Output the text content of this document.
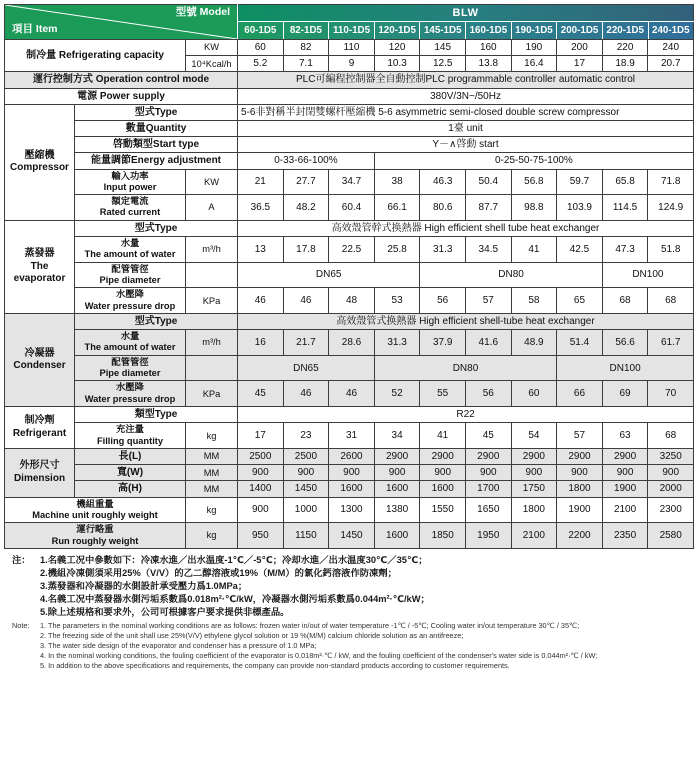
型號 Model
項目 Item			BLW									

60-1D5	82-1D5	110-1D5 120-1D5 145-1D5 160-1D5 190-1D5 200-1D5 220-1D5 240-1D5

制冷量 Refrigerating capacity		KW	60	82	110	120	145	160	190	200	220	240
		10⁴Kcal/h	5.2	7.1	9	10.3	12.5	13.8	16.4	17	18.9	20.7
運行控制方式 Operation control mode			PLC可編程控制器全自動控制PLC programmable controller automatic control									
電源 Power supply			380V/3N~/50Hz									
壓縮機
Compressor	型式Type		5-6非對稱半封閉雙螺杆壓縮機 5-6 asymmetric semi-closed double screw compressor									
	數量Quantity		1臺 unit									
	啓動類型Start type		Y－∧啓動 start									
	能量調節Energy adjustment		0-33-66-100%			0-25-50-75-100%						
	輸入功率
Input power	KW	21	27.7	34.7	38	46.3	50.4	56.8	59.7	65.8	71.8
	額定電流
Rated current	A	36.5	48.2	60.4	66.1	80.6	87.7	98.8	103.9	114.5	124.9
蒸發器
The
evaporator	型式Type		高效殼管幹式换熱器 High efficient shell tube heat exchanger									
	水量
The amount of water	m³/h	13	17.8	22.5	25.8	31.3	34.5	41	42.5	47.3	51.8
	配管管徑
Pipe diameter		DN65				DN80				DN100	
	水壓降
Water pressure drop	KPa	46	46	48	53	56	57	58	65	68	68
冷凝器
Condenser	型式Type		高效殼管式换熱器 High efficient shell-tube heat exchanger									
	水量
The amount of water	m³/h	16	21.7	28.6	31.3	37.9	41.6	48.9	51.4	56.6	61.7
	配管管徑
Pipe diameter		DN65			DN80				DN100		
	水壓降
Water pressure drop	KPa	45	46	46	52	55	56	60	66	69	70
制冷劑
Refrigerant	類型Type		R22									
	充注量
Filling quantity	kg	17	23	31	34	41	45	54	57	63	68
外形尺寸
Dimension	長(L)	MM	2500	2500	2600	2900	2900	2900	2900	2900	2900	3250
	寬(W)	MM	900	900	900	900	900	900	900	900	900	900
	高(H)	MM	1400	1450	1600	1600	1600	1700	1750	1800	1900	2000
機組重量
Machine unit roughly weight		kg	900	1000	1300	1380	1550	1650	1800	1900	2100	2300
運行略重
Run roughly weight		kg	950	1150	1450	1600	1850	1950	2100	2200	2350	2580
注： 1.名義工况中參數如下：冷凍水進／出水温度-1℃／-5℃；冷却水進／出水温度30℃／35℃；
2.機組冷凍側須采用25%（V/V）的乙二醇溶液或19%（M/M）的氯化鈣溶液作防凍劑；
3.蒸發器和冷凝器的水側設計承受壓力爲1.0MPa；
4.名義工况中蒸發器水側污垢系數爲0.018m²·℃/kW，冷凝器水側污垢系數爲0.044m²·℃/kW；
5.除上述規格和要求外，公司可根據客户要求提供非標產品。
Note: 1. The parameters in the nominal working conditions are as follows: frozen water in/out of water temperature -1℃ / -5℃; Cooling water in/out temperature 30℃ / 35℃;
2. The freezing side of the unit shall use 25%(V/V) ethylene glycol solution or 19 %(M/M) calcium chloride solution as an antifreeze;
3. The water side design of the evaporator and condenser has a pressure of 1.0 MPa;
4. In the nominal working conditions, the fouling coefficient of the evaporator is 0.018m²·℃ / kW, and the fouling coefficient of the condenser's water side is 0.044m²·℃ / kW;
5. In addition to the above specifications and requirements, the company can provide non-standard products according to customer requirements.
